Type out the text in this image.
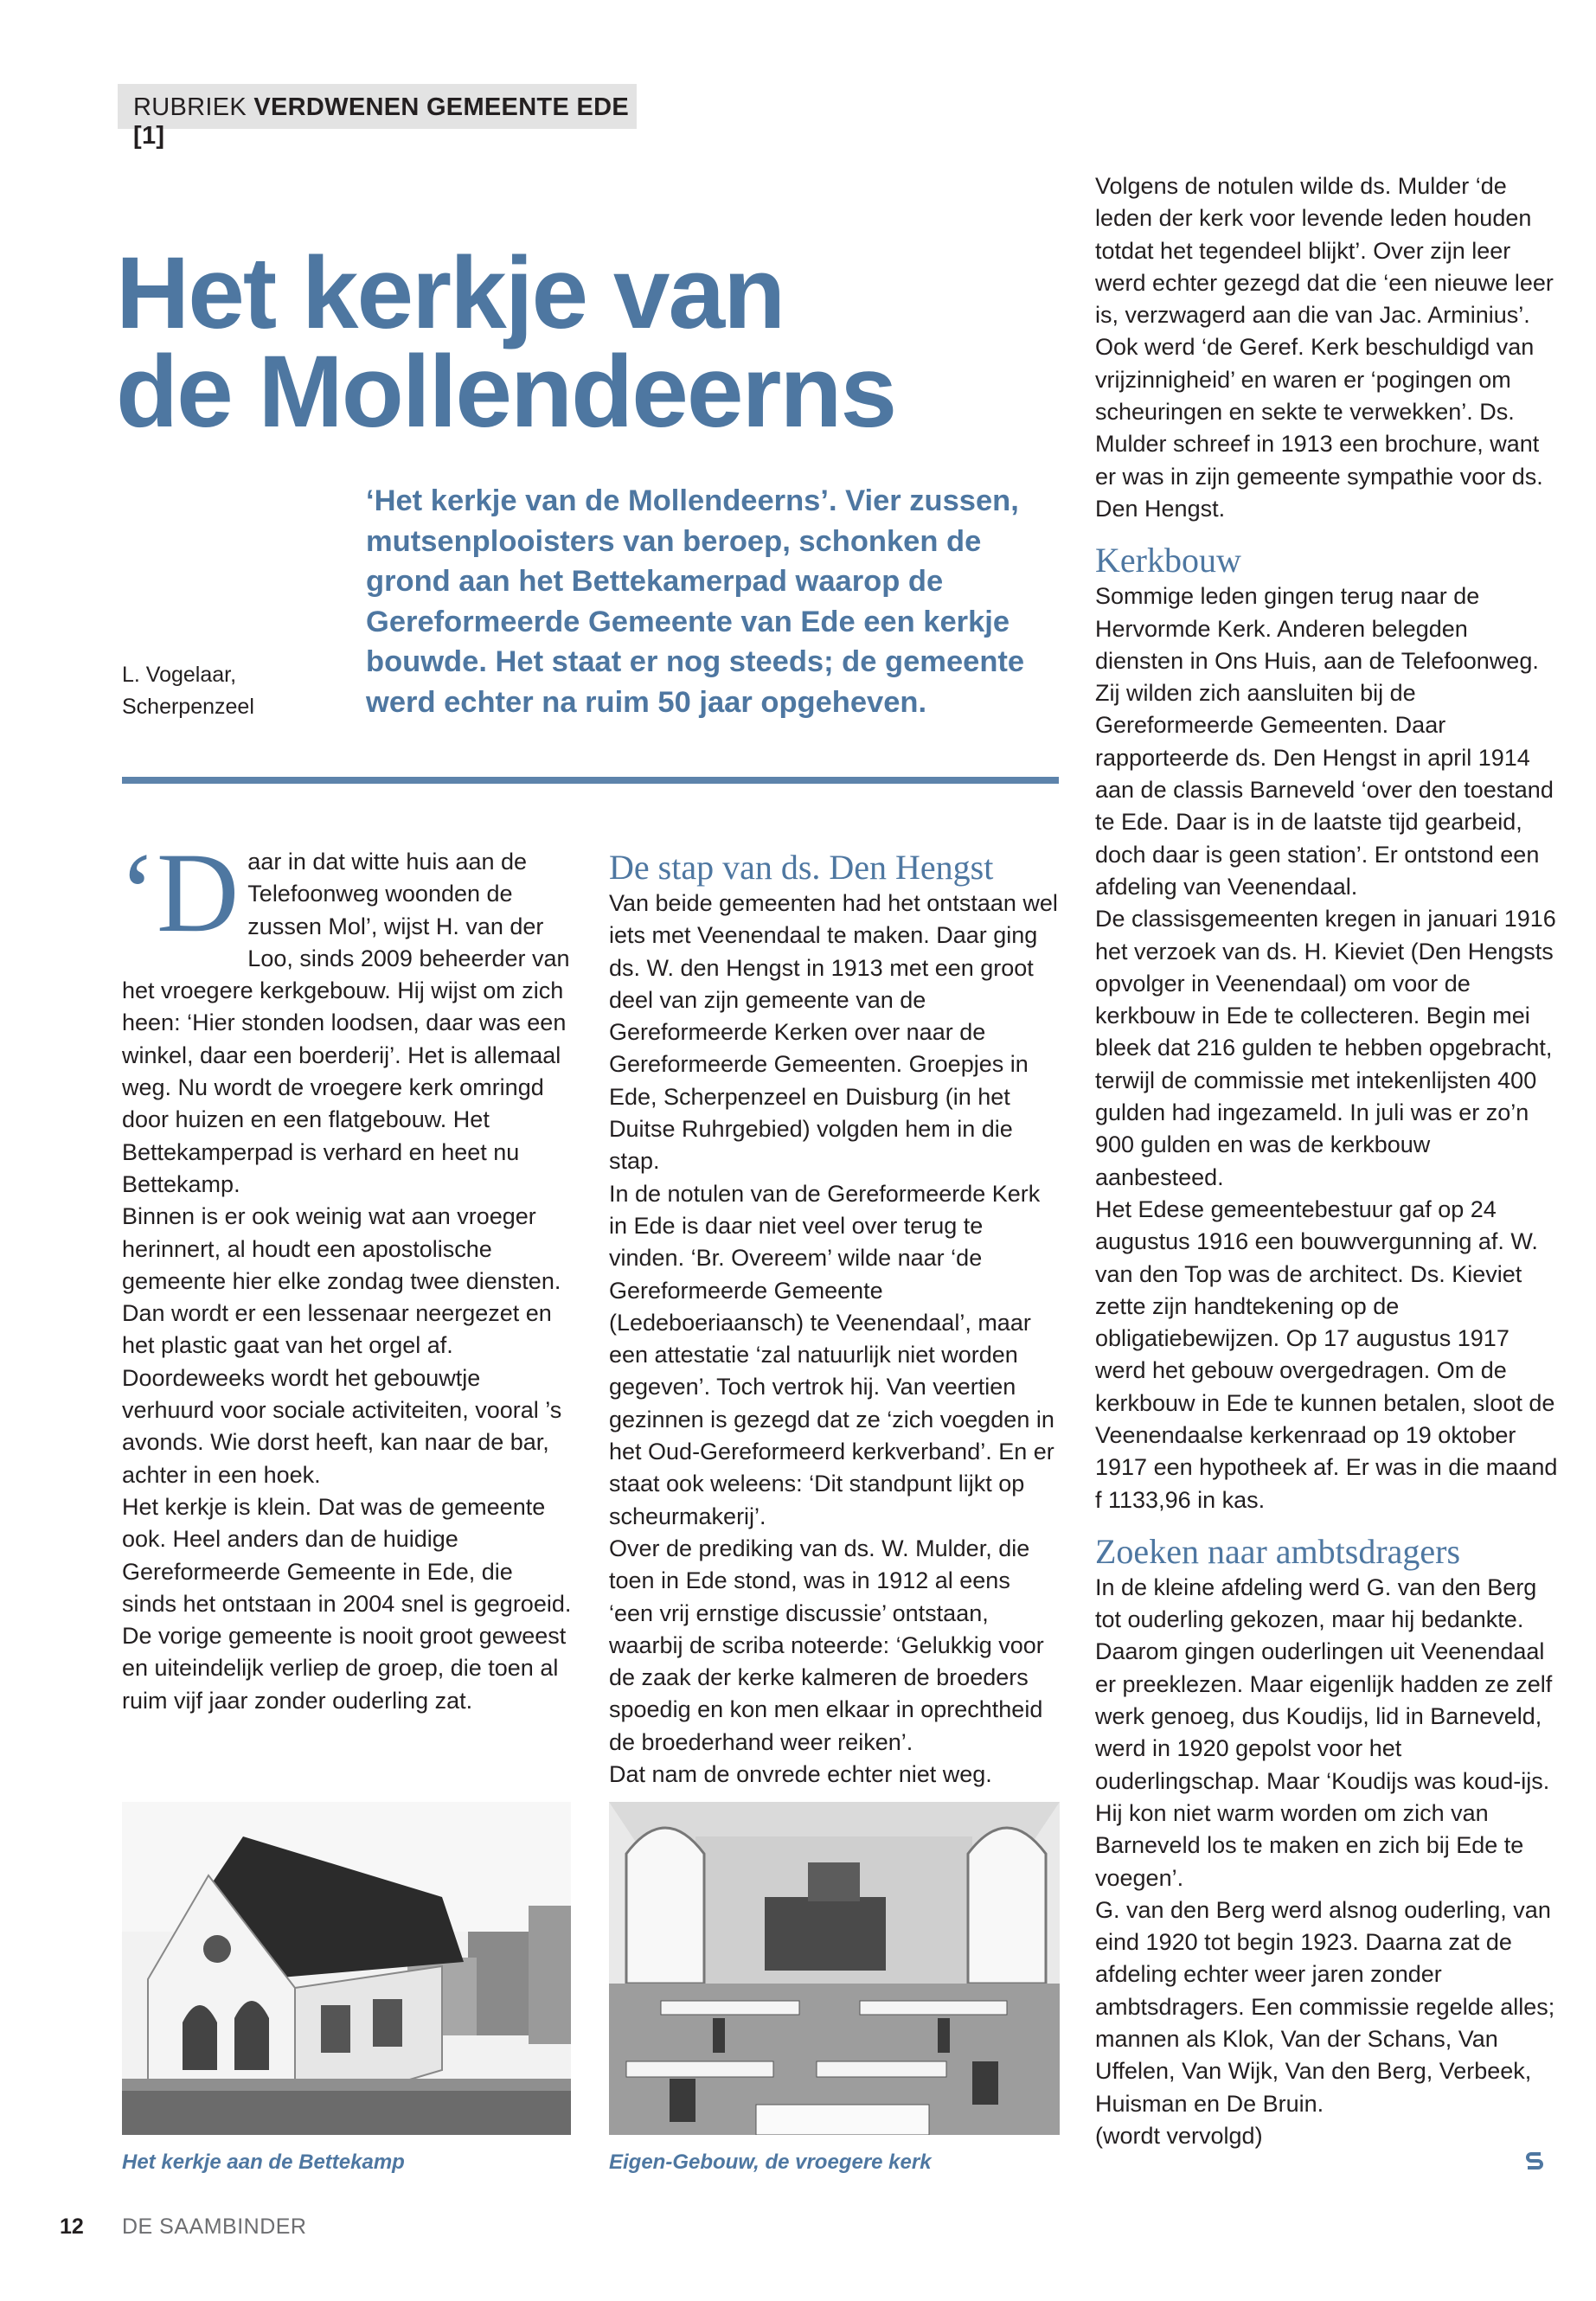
RUBRIEK VERDWENEN GEMEENTE EDE [1]
Het kerkje van
de Mollendeerns
L. Vogelaar,
Scherpenzeel

‘Het kerkje van de Mollendeerns’. Vier zussen, mutsenplooisters van beroep, schonken de grond aan het Bettekamerpad waarop de Gereformeerde Gemeente van Ede een kerkje bouwde. Het staat er nog steeds; de gemeente werd echter na ruim 50 jaar opgeheven.

‘D aar in dat witte huis aan de Telefoonweg woonden de zussen Mol’, wijst H. van der Loo, sinds 2009 beheerder van het vroegere kerkgebouw. Hij wijst om zich heen: ‘Hier stonden loodsen, daar was een winkel, daar een boerderij’. Het is allemaal weg. Nu wordt de vroegere kerk omringd door huizen en een flatgebouw. Het Bettekamperpad is verhard en heet nu Bettekamp.

Binnen is er ook weinig wat aan vroeger herinnert, al houdt een apostolische gemeente hier elke zondag twee diensten. Dan wordt er een lessenaar neergezet en het plastic gaat van het orgel af. Doordeweeks wordt het gebouwtje verhuurd voor sociale activiteiten, vooral ’s avonds. Wie dorst heeft, kan naar de bar, achter in een hoek.

Het kerkje is klein. Dat was de gemeente ook. Heel anders dan de huidige Gereformeerde Gemeente in Ede, die sinds het ontstaan in 2004 snel is gegroeid.

De vorige gemeente is nooit groot geweest en uiteindelijk verliep de groep, die toen al ruim vijf jaar zonder ouderling zat.

De stap van ds. Den Hengst

Van beide gemeenten had het ontstaan wel iets met Veenendaal te maken. Daar ging ds. W. den Hengst in 1913 met een groot deel van zijn gemeente van de Gereformeerde Kerken over naar de Gereformeerde Gemeenten. Groepjes in Ede, Scherpenzeel en Duisburg (in het Duitse Ruhrgebied) volgden hem in die stap.

In de notulen van de Gereformeerde Kerk in Ede is daar niet veel over terug te vinden. ‘Br. Overeem’ wilde naar ‘de Gereformeerde Gemeente (Ledeboeriaansch) te Veenendaal’, maar een attestatie ‘zal natuurlijk niet worden gegeven’. Toch vertrok hij. Van veertien gezinnen is gezegd dat ze ‘zich voegden in het Oud-Gereformeerd kerkverband’. En er staat ook weleens: ‘Dit standpunt lijkt op scheurmakerij’.

Over de prediking van ds. W. Mulder, die toen in Ede stond, was in 1912 al eens ‘een vrij ernstige discussie’ ontstaan, waarbij de scriba noteerde: ‘Gelukkig voor de zaak der kerke kalmeren de broeders spoedig en kon men elkaar in oprechtheid de broederhand weer reiken’.

Dat nam de onvrede echter niet weg.

Volgens de notulen wilde ds. Mulder ‘de leden der kerk voor levende leden houden totdat het tegendeel blijkt’. Over zijn leer werd echter gezegd dat die ‘een nieuwe leer is, verzwagerd aan die van Jac. Arminius’. Ook werd ‘de Geref. Kerk beschuldigd van vrijzinnigheid’ en waren er ‘pogingen om scheuringen en sekte te verwekken’. Ds. Mulder schreef in 1913 een brochure, want er was in zijn gemeente sympathie voor ds. Den Hengst.

Kerkbouw

Sommige leden gingen terug naar de Hervormde Kerk. Anderen belegden diensten in Ons Huis, aan de Telefoonweg. Zij wilden zich aansluiten bij de Gereformeerde Gemeenten. Daar rapporteerde ds. Den Hengst in april 1914 aan de classis Barneveld ‘over den toestand te Ede. Daar is in de laatste tijd gearbeid, doch daar is geen station’. Er ontstond een afdeling van Veenendaal.

De classisgemeenten kregen in januari 1916 het verzoek van ds. H. Kieviet (Den Hengsts opvolger in Veenendaal) om voor de kerkbouw in Ede te collecteren. Begin mei bleek dat 216 gulden te hebben opgebracht, terwijl de commissie met intekenlijsten 400 gulden had ingezameld. In juli was er zo’n 900 gulden en was de kerkbouw aanbesteed.

Het Edese gemeentebestuur gaf op 24 augustus 1916 een bouwvergunning af. W. van den Top was de architect. Ds. Kieviet zette zijn handtekening op de obligatiebewijzen. Op 17 augustus 1917 werd het gebouw overgedragen. Om de kerkbouw in Ede te kunnen betalen, sloot de Veenendaalse kerkenraad op 19 oktober 1917 een hypotheek af. Er was in die maand f 1133,96 in kas.

Zoeken naar ambtsdragers

In de kleine afdeling werd G. van den Berg tot ouderling gekozen, maar hij bedankte. Daarom gingen ouderlingen uit Veenendaal er preeklezen. Maar eigenlijk hadden ze zelf werk genoeg, dus Koudijs, lid in Barneveld, werd in 1920 gepolst voor het ouderlingschap. Maar ‘Koudijs was koud-ijs. Hij kon niet warm worden om zich van Barneveld los te maken en zich bij Ede te voegen’.

G. van den Berg werd alsnog ouderling, van eind 1920 tot begin 1923. Daarna zat de afdeling echter weer jaren zonder ambtsdragers. Een commissie regelde alles; mannen als Klok, Van der Schans, Van Uffelen, Van Wijk, Van den Berg, Verbeek, Huisman en De Bruin.

(wordt vervolgd)

Het kerkje aan de Bettekamp	Eigen-Gebouw, de vroegere kerk
12 DE SAAMBINDER
